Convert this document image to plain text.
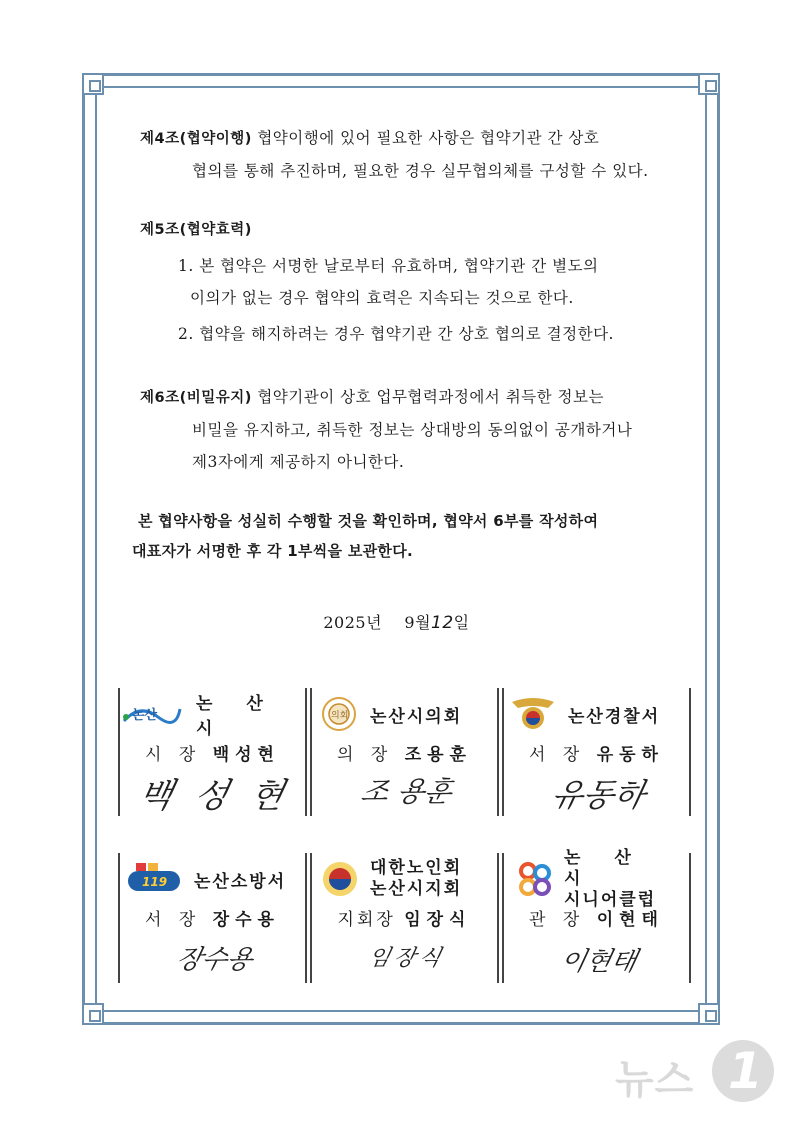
제4조(협약이행) 협약이행에 있어 필요한 사항은 협약기관 간 상호
협의를 통해 추진하며, 필요한 경우 실무협의체를 구성할 수 있다.
제5조(협약효력)
1. 본 협약은 서명한 날로부터 유효하며, 협약기관 간 별도의
이의가 없는 경우 협약의 효력은 지속되는 것으로 한다.
2. 협약을 해지하려는 경우 협약기관 간 상호 협의로 결정한다.
제6조(비밀유지) 협약기관이 상호 업무협력과정에서 취득한 정보는
비밀을 유지하고, 취득한 정보는 상대방의 동의없이 공개하거나
제3자에게 제공하지 아니한다.
본 협약사항을 성실히 수행할 것을 확인하며, 협약서 6부를 작성하여
대표자가 서명한 후 각 1부씩을 보관한다.
2025년 9월12일
논산
논 산 시
시 장 백성현
백 성 현
의회 논산시의회
의 장 조용훈
조 용훈
논산경찰서
서 장 유동하
유동하
119 논산소방서
서 장 장수용
장수용
대한노인회
논산시지회
지회장 임장식
임장식
논 산 시
시니어클럽
관 장 이현태
이현태
뉴스 1
